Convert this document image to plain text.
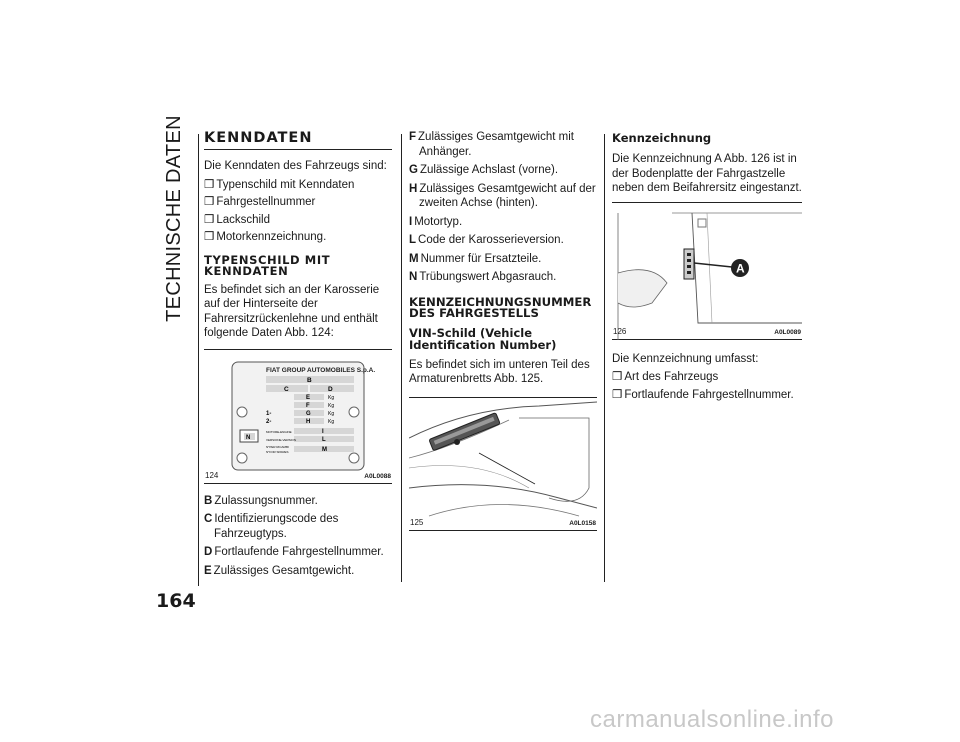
TECHNISCHE DATEN KENNDATEN
Die Kenndaten des Fahrzeugs sind:
❒ Typenschild mit Kenndaten
❒ Fahrgestellnummer
❒ Lackschild
❒ Motorkennzeichnung.
TYPENSCHILD MIT
KENNDATEN
Es befindet sich an der Karosserie auf der Hinterseite der Fahrersitzrückenlehne und enthält folgende Daten Abb. 124:
FIAT GROUP AUTOMOBILES S.p.A.
B
C	D
E
F
G
H
Kg
Kg
Kg
Kg
1-
2-
I
L
M
MOTORE-ENGINE
VERSIONE-VERSION
N°PER RICAMBI
N°FOR SPARES
N
124	A0L0088
B Zulassungsnummer.
C Identifizierungscode des Fahrzeugtyps.
D Fortlaufende Fahrgestellnummer.
E Zulässiges Gesamtgewicht.
F Zulässiges Gesamtgewicht mit Anhänger.
G Zulässige Achslast (vorne).
H Zulässiges Gesamtgewicht auf der zweiten Achse (hinten).
I Motortyp.
L Code der Karosserieversion.
M Nummer für Ersatzteile.
N Trübungswert Abgasrauch.
KENNZEICHNUNGSNUMMER
DES FAHRGESTELLS
VIN-Schild (Vehicle
Identification Number)
Es befindet sich im unteren Teil des Armaturenbretts Abb. 125.
125	A0L0158
Kennzeichnung
Die Kennzeichnung A Abb. 126 ist in der Bodenplatte der Fahrgastzelle neben dem Beifahrersitz eingestanzt.
A
126	A0L0089
Die Kennzeichnung umfasst:
❒ Art des Fahrzeugs
❒ Fortlaufende Fahrgestellnummer.
164
carmanualsonline.info
